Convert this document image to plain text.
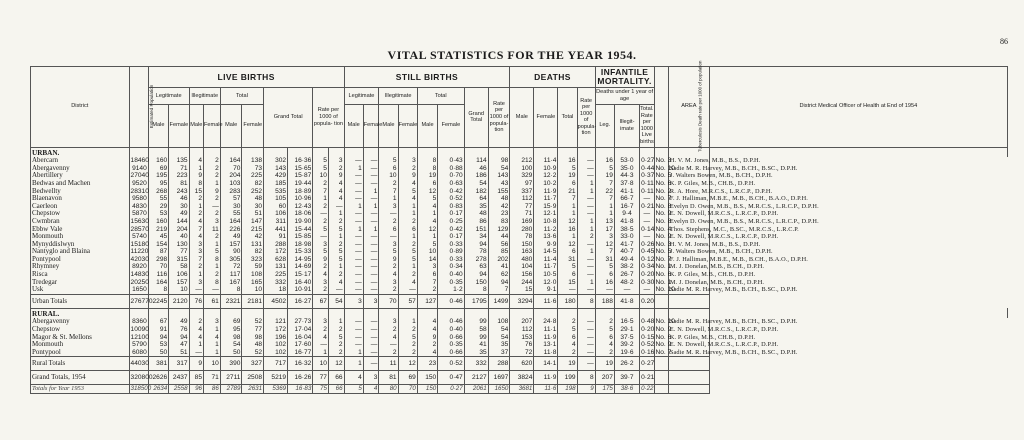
86
VITAL STATISTICS FOR THE YEAR 1954.
District	Estimated Population	LIVE BIRTHS										STILL BIRTHS								DEATHS				INFANTILE MORTALITY.			Tuberculosis Death rate per 1000 of population	AREA	District Medical Officer of Health at End of 1954
		Legitimate		Illegitimate		Total		Grand Total		Rate per 1000 of popula- tion		Legitimate		Illegitimate		Total		Grand Total	Rate per 1000 of popula- tion	Male	Female	Total	Rate per 1000 of popula- tion	Deaths under 1 year of age					
		Male	Female	Male	Female	Male	Female					Male	Female	Male	Female	Male	Female							Leg.	Illegit- imate	Total. Rate per 1000 Live births			
URBAN.																													
Abercarn	18460	160	135	4	2	164	138	302	16·36	5	3	—	—	5	3	8	0·43	114	98	212	11·4	16	—	16	53·0	0·27	No. 3	H. V. M. Jones, M.B., B.S., D.P.H.	
Abergavenny	9140	69	71	1	2	70	73	143	15·65	5	2	1	—	6	2	8	0·88	46	54	100	10·9	5	—	5	35·0	0·44	No. 10	Sadie M. R. Harvey, M.B., B.CH., B.SC., D.P.H.	
Abertillery	27040	195	223	9	2	204	225	429	15·87	10	9	—	—	10	9	19	0·70	186	143	329	12·2	19	—	19	44·3	0·37	No. 5	J. Walters Bowen, M.B., B.CH., D.P.H.	
Bedwas and Machen	9520	95	81	8	1	103	82	185	19·44	2	4	—	—	2	4	6	0·63	54	43	97	10·2	6	1	7	37·8	0·11	No. 6	K. P. Giles, M.B., CH.B., D.P.H.	
Bedwellty	28310	268	243	15	9	283	252	535	18·89	7	4	—	1	7	5	12	0·42	182	155	337	11·9	21	1	22	41·1	0·11	No. 2	R. A. Hore, M.R.C.S., L.R.C.P., D.P.H.	
Blaenavon	9580	55	46	2	2	57	48	105	10·96	1	4	—	—	1	4	5	0·52	64	48	112	11·7	7	—	7	66·7	—	No. 7	F. J. Halliman, M.B.E., M.B., B.CH., B.A.O., D.P.H.	
Caerleon	4830	29	30	1	—	30	30	60	12·43	2	—	1	1	3	1	4	0·83	35	42	77	15·9	1	—	1	16·7	0·21	No. 8	Evelyn D. Owen, M.B., B.S., M.R.C.S., L.R.C.P., D.P.H.	
Chepstow	5870	53	49	2	2	55	51	106	18·06	—	1	—	—	—	1	1	0·17	48	23	71	12·1	1	—	1	9·4	—	No. 9	E. N. Dowell, M.R.C.S., L.R.C.P., D.P.H.	
Cwmbran	15630	160	144	4	3	164	147	311	19·90	2	2	—	—	2	2	4	0·25	86	83	169	10·8	12	1	13	41·8	—	No. 8	Evelyn D. Owen, M.B., B.S., M.R.C.S., L.R.C.P., D.P.H.	
Ebbw Vale	28570	219	204	7	11	226	215	441	15·44	5	5	1	1	6	6	12	0·42	151	129	280	11·2	16	1	17	38·5	0·14	No. 4	Thos. Stephens, M.C., B.SC., M.R.C.S., L.R.C.P.	
Monmouth	5740	45	40	4	2	49	42	91	15·85	—	1	—	—	—	1	1	0·17	34	44	78	13·6	1	2	3	33·0	—	No. 9	E. N. Dowell, M.R.C.S., L.R.C.P., D.P.H.	
Mynyddislwyn	15180	154	130	3	1	157	131	288	18·98	3	2	—	—	3	2	5	0·33	94	56	150	9·9	12	—	12	41·7	0·26	No. 3	H. V. M. Jones, M.B., B.S., D.P.H.	
Nantyglo and Blaina	11220	87	77	3	5	90	82	172	15·33	5	5	—	—	5	5	10	0·89	78	85	163	14·5	6	1	7	40·7	0·45	No. 5	J. Walters Bowen, M.B., B.CH., D.P.H.	
Pontypool	42030	298	315	7	8	305	323	628	14·95	9	5	—	—	9	5	14	0·33	278	202	480	11·4	31	—	31	49·4	0·12	No. 7	F. J. Halliman, M.B.E., M.B., B.CH., B.A.O., D.P.H.	
Rhymney	8920	70	58	2	1	72	59	131	14·69	2	1	—	—	2	1	3	0·34	63	41	104	11·7	5	—	5	38·2	0·34	No. 1	M. J. Donelan, M.B., B.CH., D.P.H.	
Risca	14830	116	106	1	2	117	108	225	15·17	4	2	—	—	4	2	6	0·40	94	62	156	10·5	6	—	6	26·7	0·20	No. 6	K. P. Giles, M.B., CH.B., D.P.H.	
Tredegar	20250	164	157	3	8	167	165	332	16·40	3	4	—	—	3	4	7	0·35	150	94	244	12·0	15	1	16	48·2	0·30	No. 1	M. J. Donelan, M.B., B.CH., D.P.H.	
Usk	1650	8	10	—	—	8	10	18	10·91	2	—	—	—	2	—	2	1·2	8	7	15	9·1	—	—	—	—	—	No. 10	Sadie M. R. Harvey, M.B., B.CH., B.SC., D.P.H.	
Urban Totals	276770	2245	2120	76	61	2321	2181	4502	16·27	67	54	3	3	70	57	127	0·46	1795	1499	3294	11·6	180	8	188	41·8	0.20			
RURAL.																													
Abergavenny	8360	67	49	2	3	69	52	121	27·73	3	1	—	—	3	1	4	0·46	99	108	207	24·8	2	—	2	16·5	0·48	No. 10	Sadie M. R. Harvey, M.B., B.CH., B.SC., D.P.H.	
Chepstow	10090	91	76	4	1	95	77	172	17·04	2	2	—	—	2	2	4	0·40	58	54	112	11·1	5	—	5	29·1	0·20	No. 9	E. N. Dowell, M.R.C.S., L.R.C.P., D.P.H.	
Magor & St. Mellons	12100	94	94	4	4	98	98	196	16·04	4	5	—	—	4	5	9	0·66	99	54	153	11·9	6	—	6	37·5	0·15	No. 6	K. P. Giles, M.B., CH.B., D.P.H.	
Monmouth	5790	53	47	1	1	54	48	102	17·60	—	2	—	—	—	2	2	0·35	41	35	76	13·1	4	—	4	39·2	0·52	No. 9	E. N. Dowell, M.R.C.S., L.R.C.P., D.P.H.	
Pontypool	6080	50	51	—	1	50	52	102	16·77	1	2	1	—	2	2	4	0·66	35	37	72	11·8	2	—	2	19·6	0·16	No. 7	Sadie M. R. Harvey, M.B., B.CH., B.SC., D.P.H.	
Rural Totals	44030	381	317	9	10	390	327	717	16·32	10	12	1	—	11	12	23	0·52	332	288	620	14·1	19	—	19	26·2	0·27			
Grand Totals, 1954	320800	2626	2437	85	71	2711	2508	5219	16·26	77	66	4	3	81	69	150	0·47	2127	1697	3824	11·9	199	8	207	39·7	0·21			
Totals for Year 1953	318500	2634	2558	96	86	2789	2631	5369	16·83	75	66	5	4	80	70	150	0·27	2061	1650	3681	11·6	198	9	175	38·6	0·22			
